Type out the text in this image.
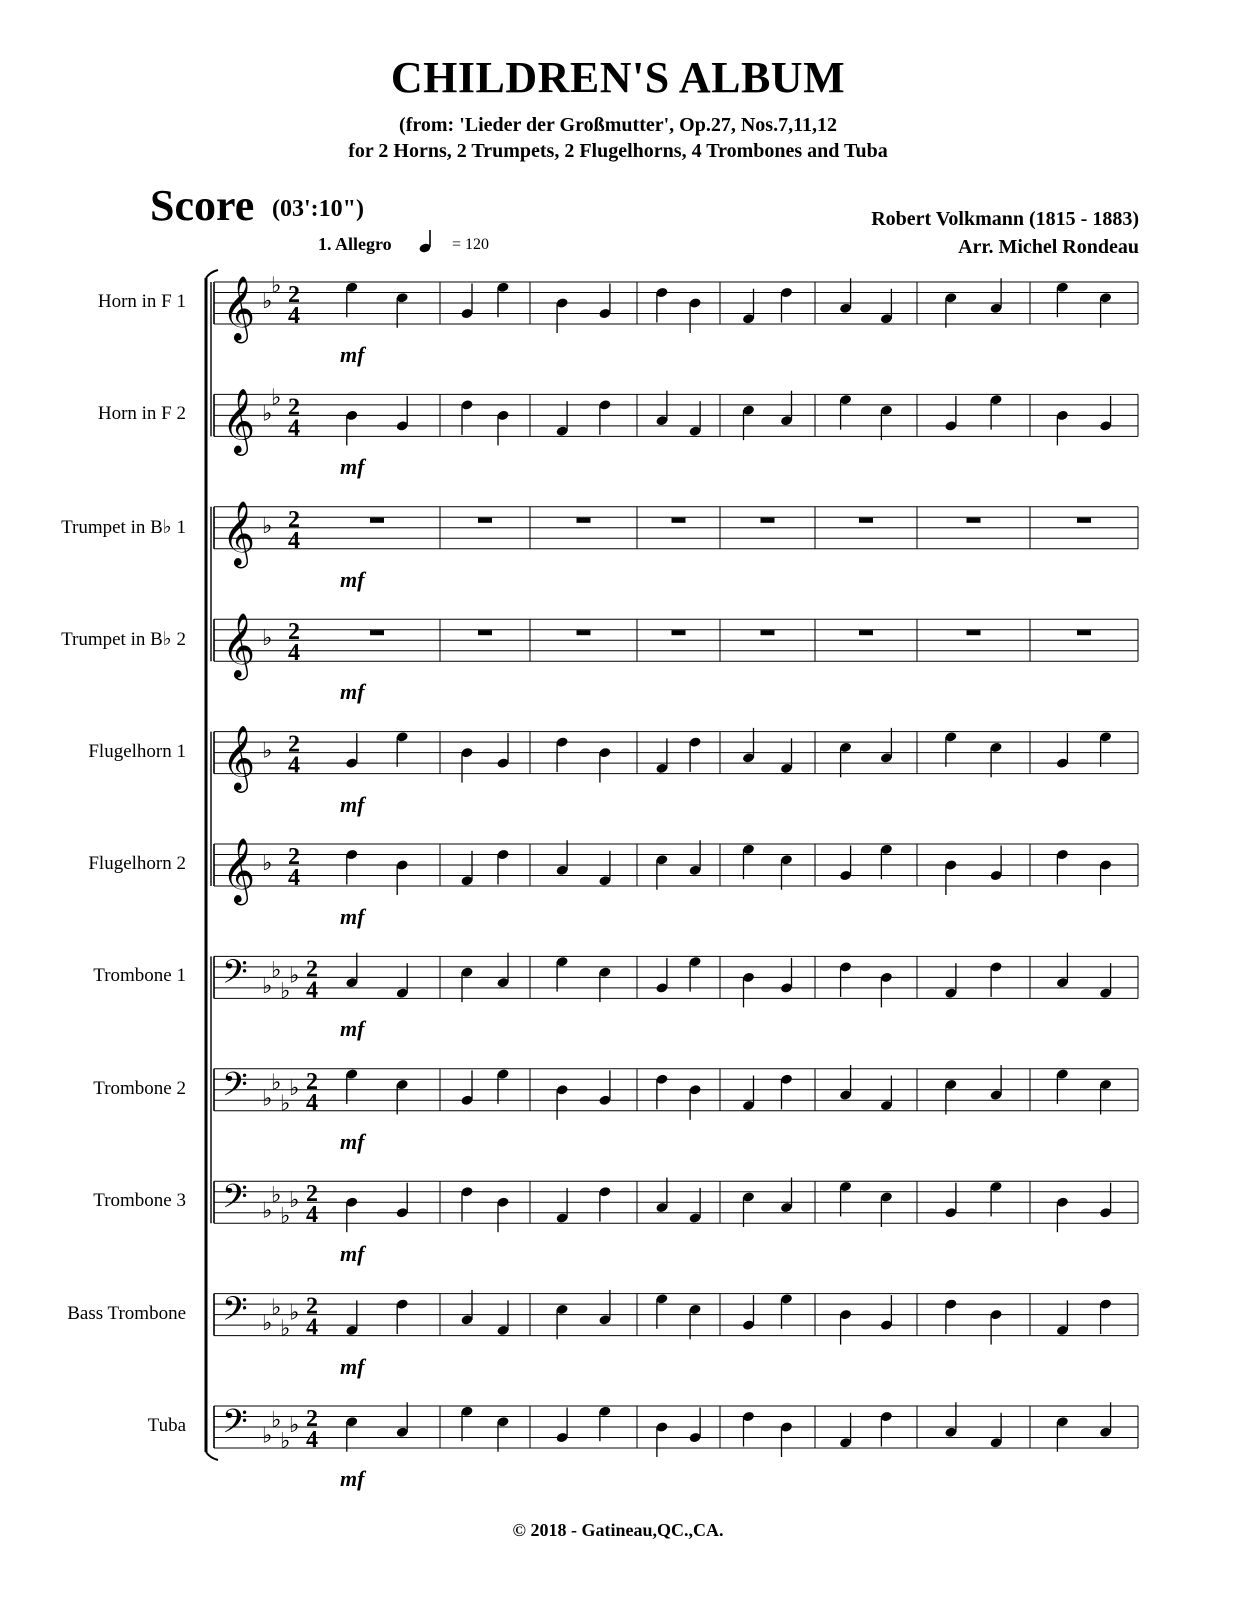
CHILDREN'S ALBUM
(from: 'Lieder der Großmutter', Op.27, Nos.7,11,12
for 2 Horns, 2 Trumpets, 2 Flugelhorns, 4 Trombones and Tuba
Score (03':10")	Robert Volkmann (1815 - 1883)
Arr. Michel Rondeau
1. Allegro	= 120
Horn in F 1
Horn in F 2
Trumpet in B♭ 1
Trumpet in B♭ 2
Flugelhorn 1
Flugelhorn 2
Trombone 1
Trombone 2
Trombone 3
Bass Trombone
Tuba
mf
mf
mf
mf
mf
mf
mf
mf
mf
mf
mf
𝄞 ♭
♭ 2
4
𝄞 ♭
♭ 2
4
𝄞 ♭ 2
4
𝄞 ♭ 2
4
𝄞 ♭ 2
4
𝄞 ♭ 2
4
𝄢 ♭
♭
♭
♭ 2
4
𝄢 ♭
♭
♭
♭ 2
4
𝄢 ♭
♭
♭
♭ 2
4
𝄢 ♭
♭
♭
♭ 2
4
𝄢 ♭
♭
♭
♭ 2
4
© 2018 - Gatineau,QC.,CA.
